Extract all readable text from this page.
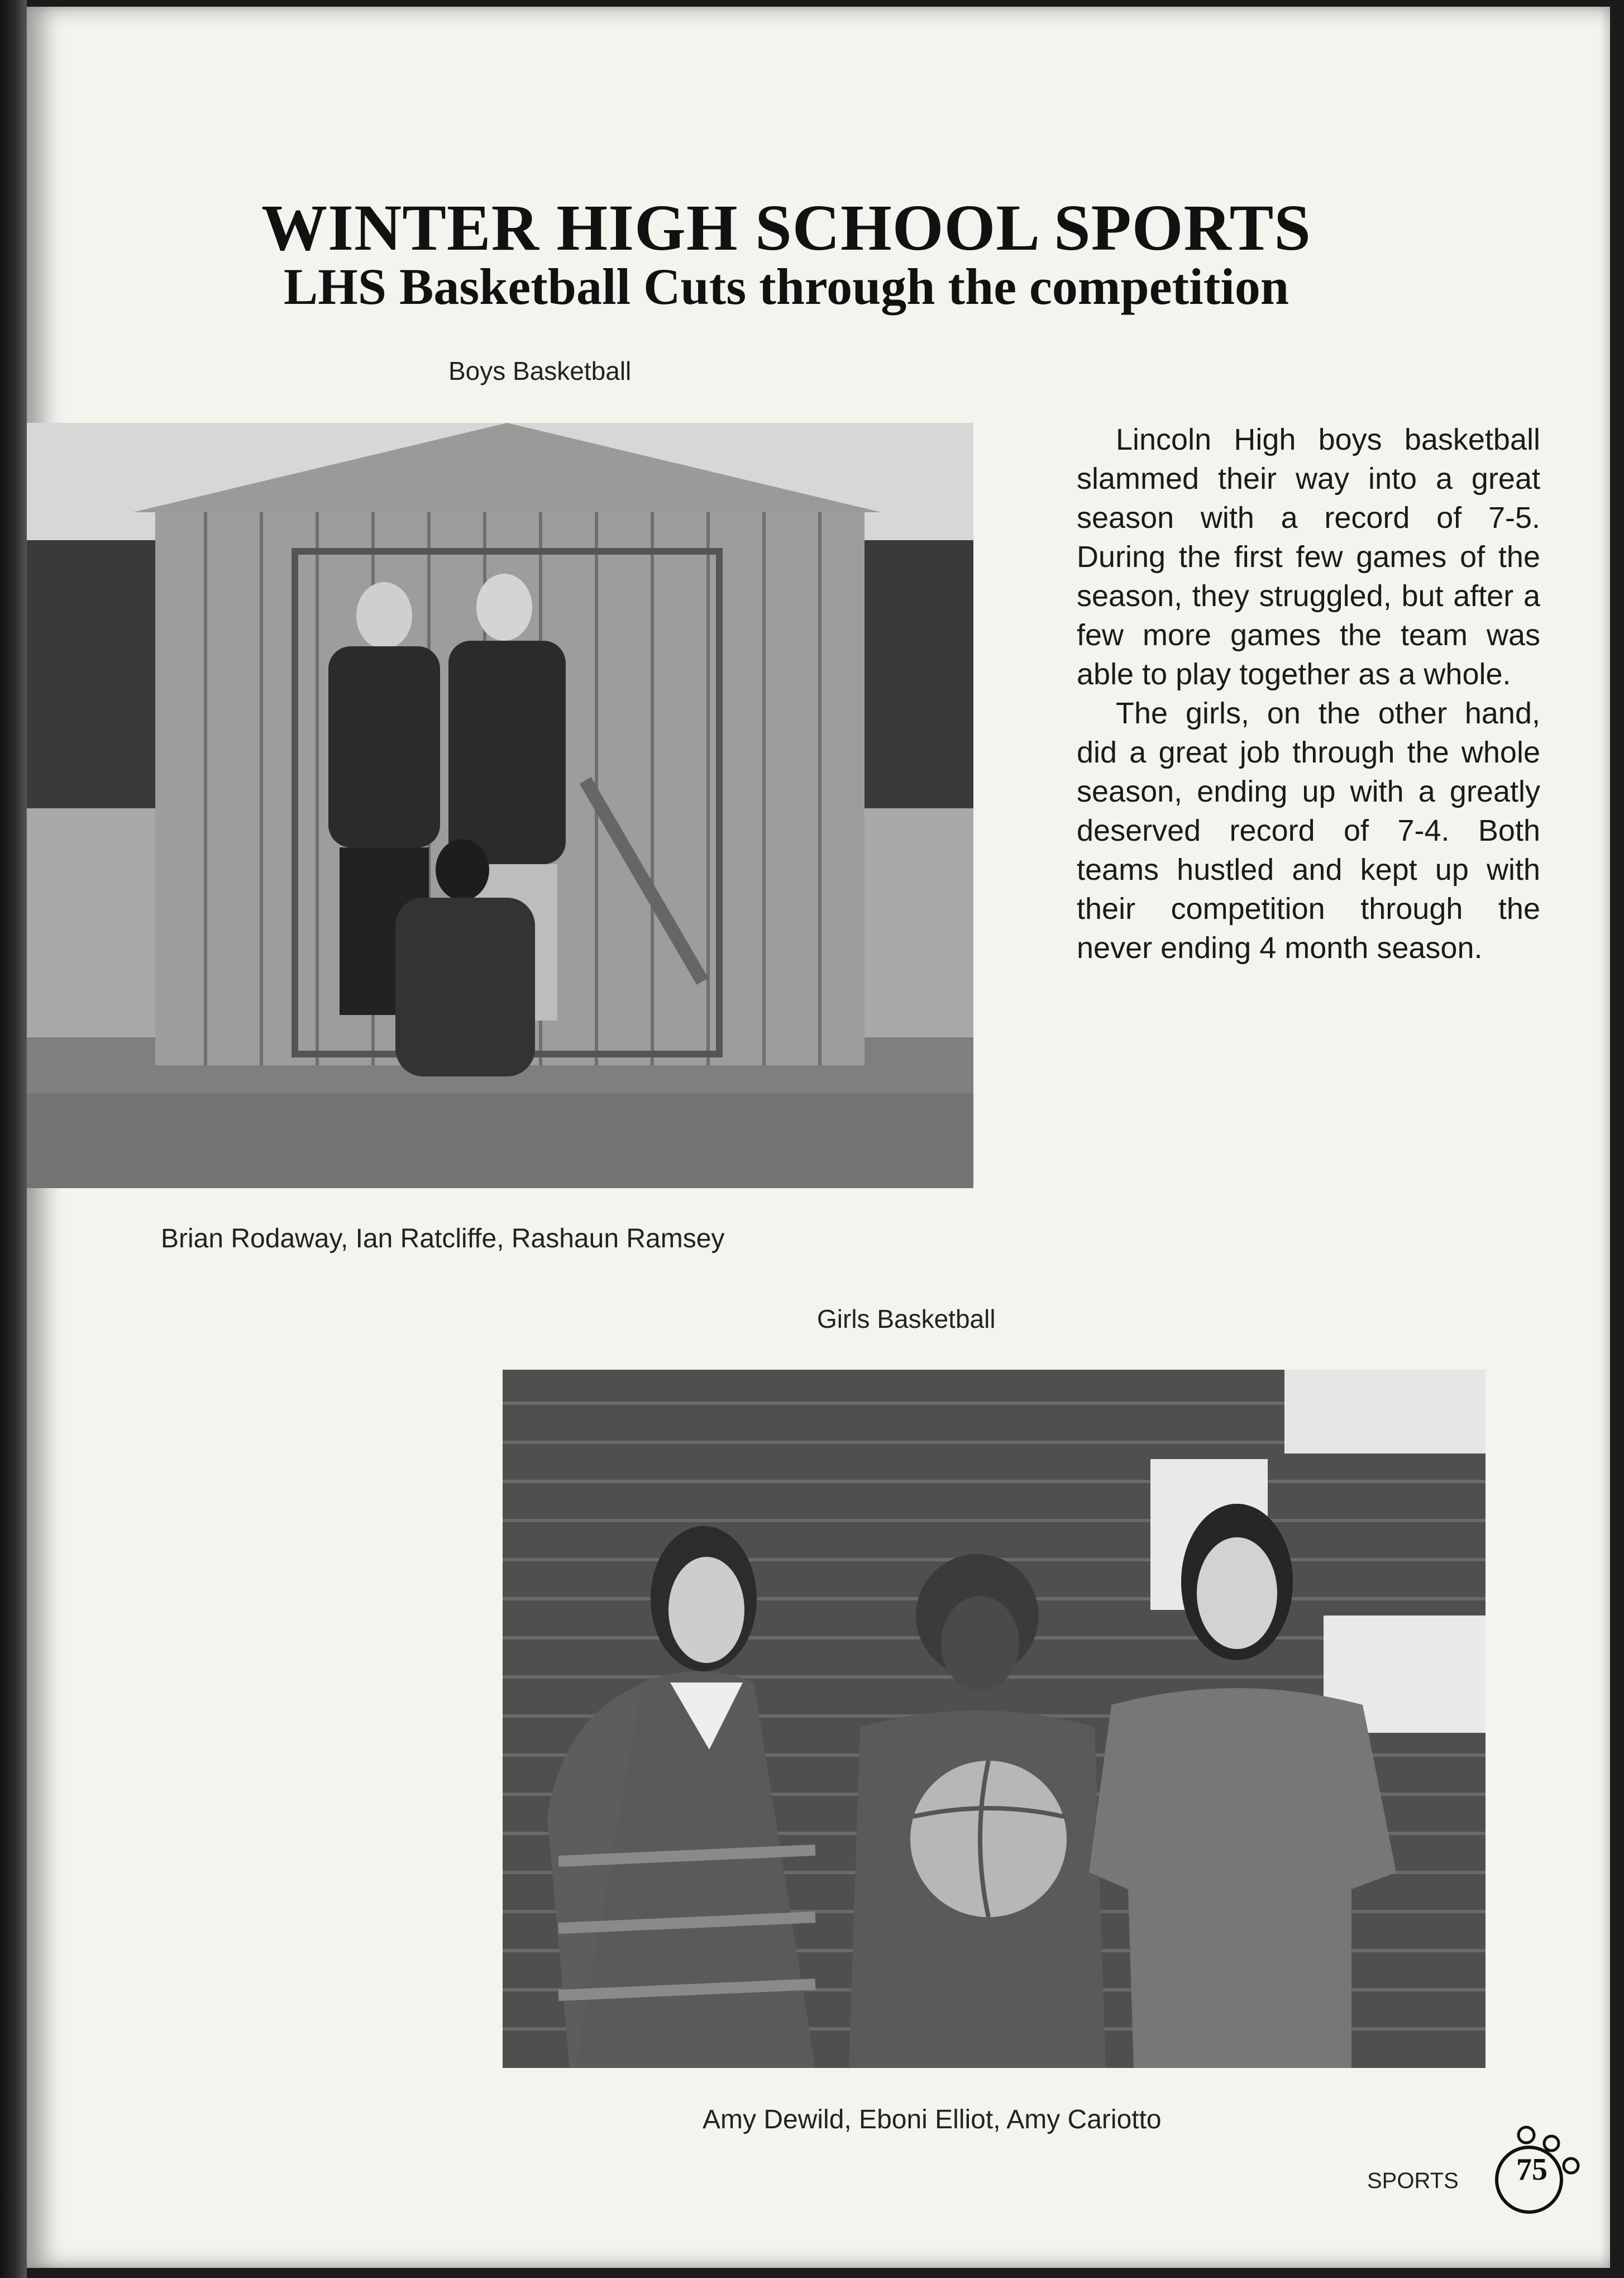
WINTER HIGH SCHOOL SPORTS
LHS Basketball Cuts through the competition
Boys Basketball
Brian Rodaway, Ian Ratcliffe, Rashaun Ramsey

Lincoln High boys basketball slammed their way into a great season with a record of 7-5. During the first few games of the season, they struggled, but after a few more games the team was able to play together as a whole.

The girls, on the other hand, did a great job through the whole season, ending up with a greatly deserved record of 7-4. Both teams hustled and kept up with their competition through the never ending 4 month season.

Girls Basketball
Amy Dewild, Eboni Elliot, Amy Cariotto
SPORTS	75
